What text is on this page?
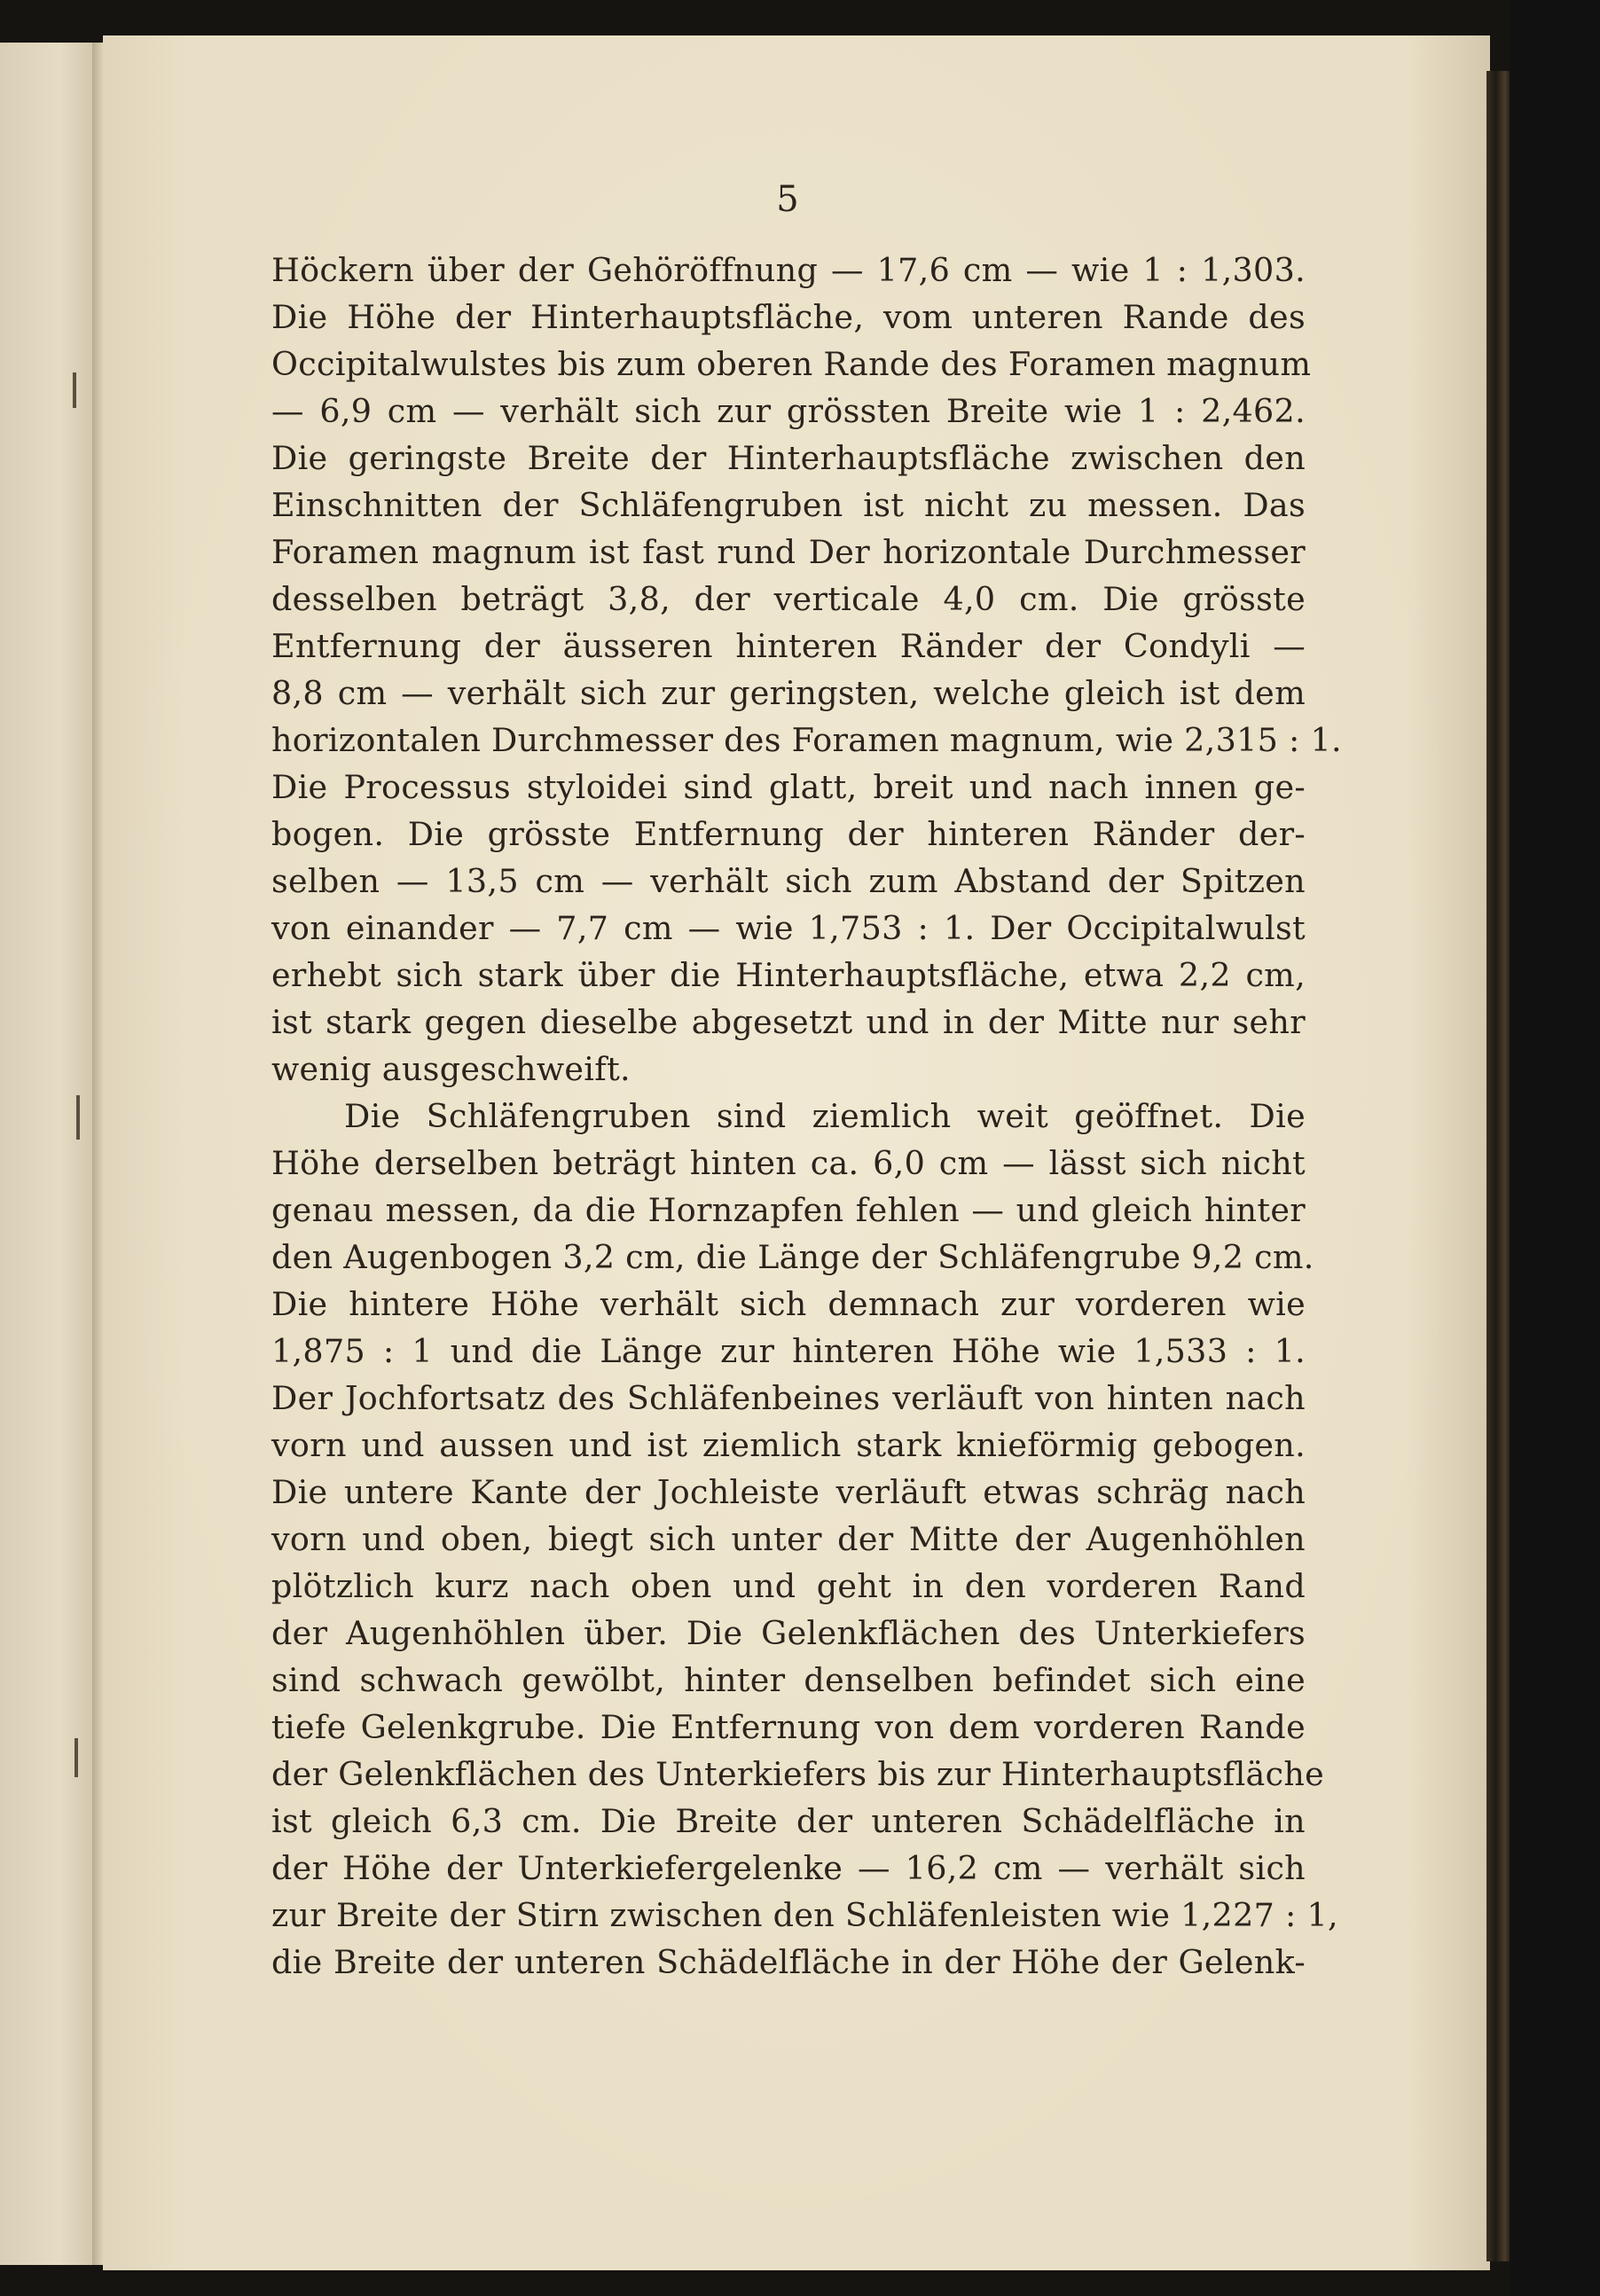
5
Höckern über der Gehöröffnung — 17,6 cm — wie 1 : 1,303.
Die Höhe der Hinterhauptsfläche, vom unteren Rande des
Occipitalwulstes bis zum oberen Rande des Foramen magnum
— 6,9 cm — verhält sich zur grössten Breite wie 1 : 2,462.
Die geringste Breite der Hinterhauptsfläche zwischen den
Einschnitten der Schläfengruben ist nicht zu messen. Das
Foramen magnum ist fast rund Der horizontale Durchmesser
desselben beträgt 3,8, der verticale 4,0 cm. Die grösste
Entfernung der äusseren hinteren Ränder der Condyli —
8,8 cm — verhält sich zur geringsten, welche gleich ist dem
horizontalen Durchmesser des Foramen magnum, wie 2,315 : 1.
Die Processus styloidei sind glatt, breit und nach innen ge-
bogen. Die grösste Entfernung der hinteren Ränder der-
selben — 13,5 cm — verhält sich zum Abstand der Spitzen
von einander — 7,7 cm — wie 1,753 : 1. Der Occipitalwulst
erhebt sich stark über die Hinterhauptsfläche, etwa 2,2 cm,
ist stark gegen dieselbe abgesetzt und in der Mitte nur sehr
wenig ausgeschweift.
Die Schläfengruben sind ziemlich weit geöffnet. Die
Höhe derselben beträgt hinten ca. 6,0 cm — lässt sich nicht
genau messen, da die Hornzapfen fehlen — und gleich hinter
den Augenbogen 3,2 cm, die Länge der Schläfengrube 9,2 cm.
Die hintere Höhe verhält sich demnach zur vorderen wie
1,875 : 1 und die Länge zur hinteren Höhe wie 1,533 : 1.
Der Jochfortsatz des Schläfenbeines verläuft von hinten nach
vorn und aussen und ist ziemlich stark knieförmig gebogen.
Die untere Kante der Jochleiste verläuft etwas schräg nach
vorn und oben, biegt sich unter der Mitte der Augenhöhlen
plötzlich kurz nach oben und geht in den vorderen Rand
der Augenhöhlen über. Die Gelenkflächen des Unterkiefers
sind schwach gewölbt, hinter denselben befindet sich eine
tiefe Gelenkgrube. Die Entfernung von dem vorderen Rande
der Gelenkflächen des Unterkiefers bis zur Hinterhauptsfläche
ist gleich 6,3 cm. Die Breite der unteren Schädelfläche in
der Höhe der Unterkiefergelenke — 16,2 cm — verhält sich
zur Breite der Stirn zwischen den Schläfenleisten wie 1,227 : 1,
die Breite der unteren Schädelfläche in der Höhe der Gelenk-
